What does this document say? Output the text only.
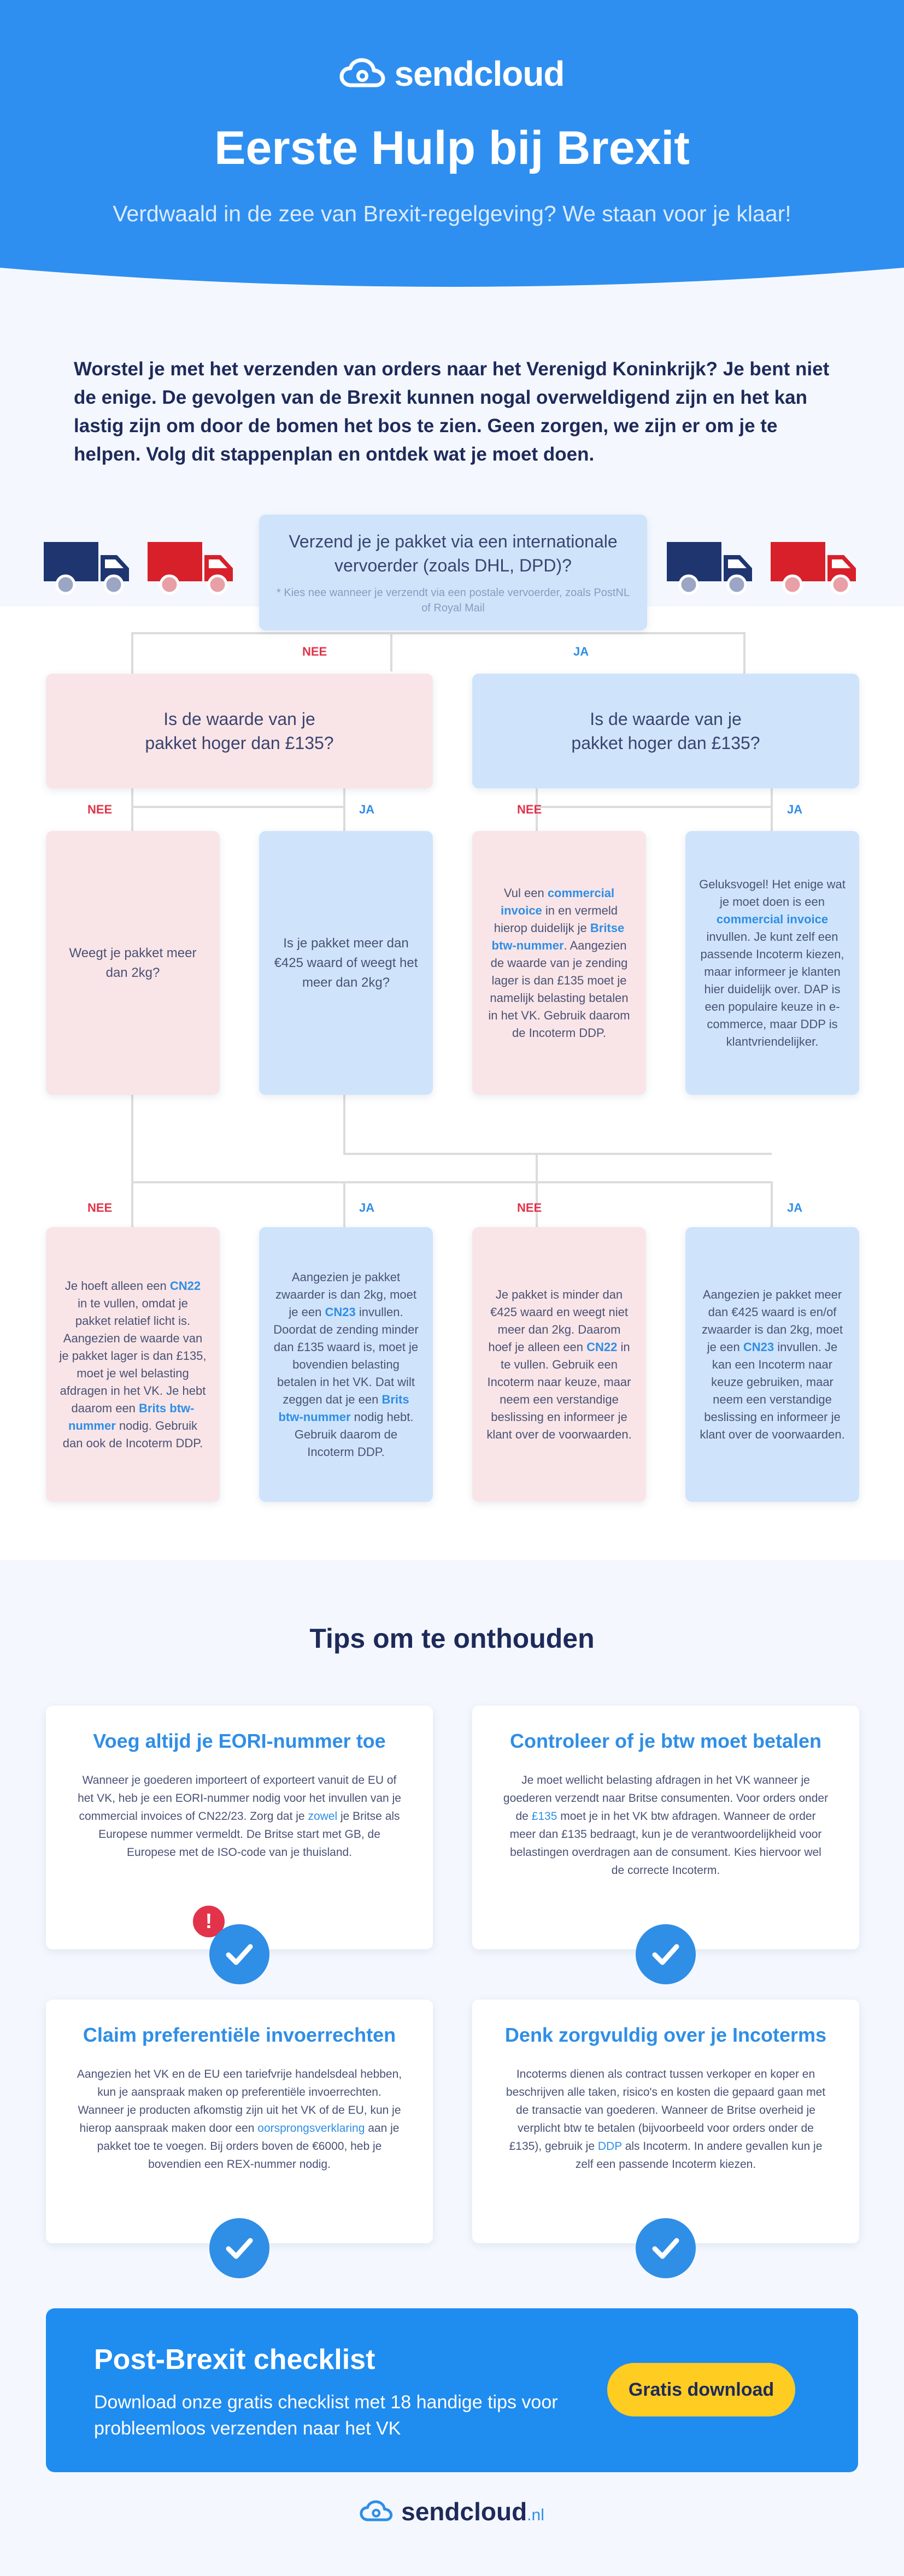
sendcloud
Eerste Hulp bij Brexit

Verdwaald in de zee van Brexit-regelgeving? We staan voor je klaar!

Worstel je met het verzenden van orders naar het Verenigd Koninkrijk? Je bent niet de enige. De gevolgen van de Brexit kunnen nogal overweldigend zijn en het kan lastig zijn om door de bomen het bos te zien. Geen zorgen, we zijn er om je te helpen. Volg dit stappenplan en ontdek wat je moet doen.

Verzend je je pakket via een internationale vervoerder (zoals DHL, DPD)?
* Kies nee wanneer je verzendt via een postale vervoerder, zoals PostNL of Royal Mail
NEE	JA
Is de waarde van je pakket hoger dan £135?
Is de waarde van je pakket hoger dan £135?
NEE	JA	NEE	JA
Weegt je pakket meer dan 2kg?
Is je pakket meer dan €425 waard of weegt het meer dan 2kg?
Vul een commercial invoice in en vermeld hierop duidelijk je Britse btw-nummer. Aangezien de waarde van je zending lager is dan £135 moet je namelijk belasting betalen in het VK. Gebruik daarom de Incoterm DDP.
Geluksvogel! Het enige wat je moet doen is een commercial invoice invullen. Je kunt zelf een passende Incoterm kiezen, maar informeer je klanten hier duidelijk over. DAP is een populaire keuze in e-commerce, maar DDP is klantvriendelijker.
NEE	JA	NEE	JA
Je hoeft alleen een CN22 in te vullen, omdat je pakket relatief licht is. Aangezien de waarde van je pakket lager is dan £135, moet je wel belasting afdragen in het VK. Je hebt daarom een Brits btw-nummer nodig. Gebruik dan ook de Incoterm DDP.
Aangezien je pakket zwaarder is dan 2kg, moet je een CN23 invullen. Doordat de zending minder dan £135 waard is, moet je bovendien belasting betalen in het VK. Dat wilt zeggen dat je een Brits btw-nummer nodig hebt. Gebruik daarom de Incoterm DDP.
Je pakket is minder dan €425 waard en weegt niet meer dan 2kg. Daarom hoef je alleen een CN22 in te vullen. Gebruik een Incoterm naar keuze, maar neem een verstandige beslissing en informeer je klant over de voorwaarden.
Aangezien je pakket meer dan €425 waard is en/of zwaarder is dan 2kg, moet je een CN23 invullen. Je kan een Incoterm naar keuze gebruiken, maar neem een verstandige beslissing en informeer je klant over de voorwaarden.
Tips om te onthouden
Voeg altijd je EORI-nummer toe

Wanneer je goederen importeert of exporteert vanuit de EU of het VK, heb je een EORI-nummer nodig voor het invullen van je commercial invoices of CN22/23. Zorg dat je zowel je Britse als Europese nummer vermeldt. De Britse start met GB, de Europese met de ISO-code van je thuisland.

!
Controleer of je btw moet betalen

Je moet wellicht belasting afdragen in het VK wanneer je goederen verzendt naar Britse consumenten. Voor orders onder de £135 moet je in het VK btw afdragen. Wanneer de order meer dan £135 bedraagt, kun je de verantwoordelijkheid voor belastingen overdragen aan de consument. Kies hiervoor wel de correcte Incoterm.

Claim preferentiële invoerrechten

Aangezien het VK en de EU een tariefvrije handelsdeal hebben, kun je aanspraak maken op preferentiële invoerrechten. Wanneer je producten afkomstig zijn uit het VK of de EU, kun je hierop aanspraak maken door een oorsprongsverklaring aan je pakket toe te voegen. Bij orders boven de €6000, heb je bovendien een REX-nummer nodig.

Denk zorgvuldig over je Incoterms

Incoterms dienen als contract tussen verkoper en koper en beschrijven alle taken, risico's en kosten die gepaard gaan met de transactie van goederen. Wanneer de Britse overheid je verplicht btw te betalen (bijvoorbeeld voor orders onder de £135), gebruik je DDP als Incoterm. In andere gevallen kun je zelf een passende Incoterm kiezen.

Post-Brexit checklist

Download onze gratis checklist met 18 handige tips voor probleemloos verzenden naar het VK

Gratis download
sendcloud.nl
